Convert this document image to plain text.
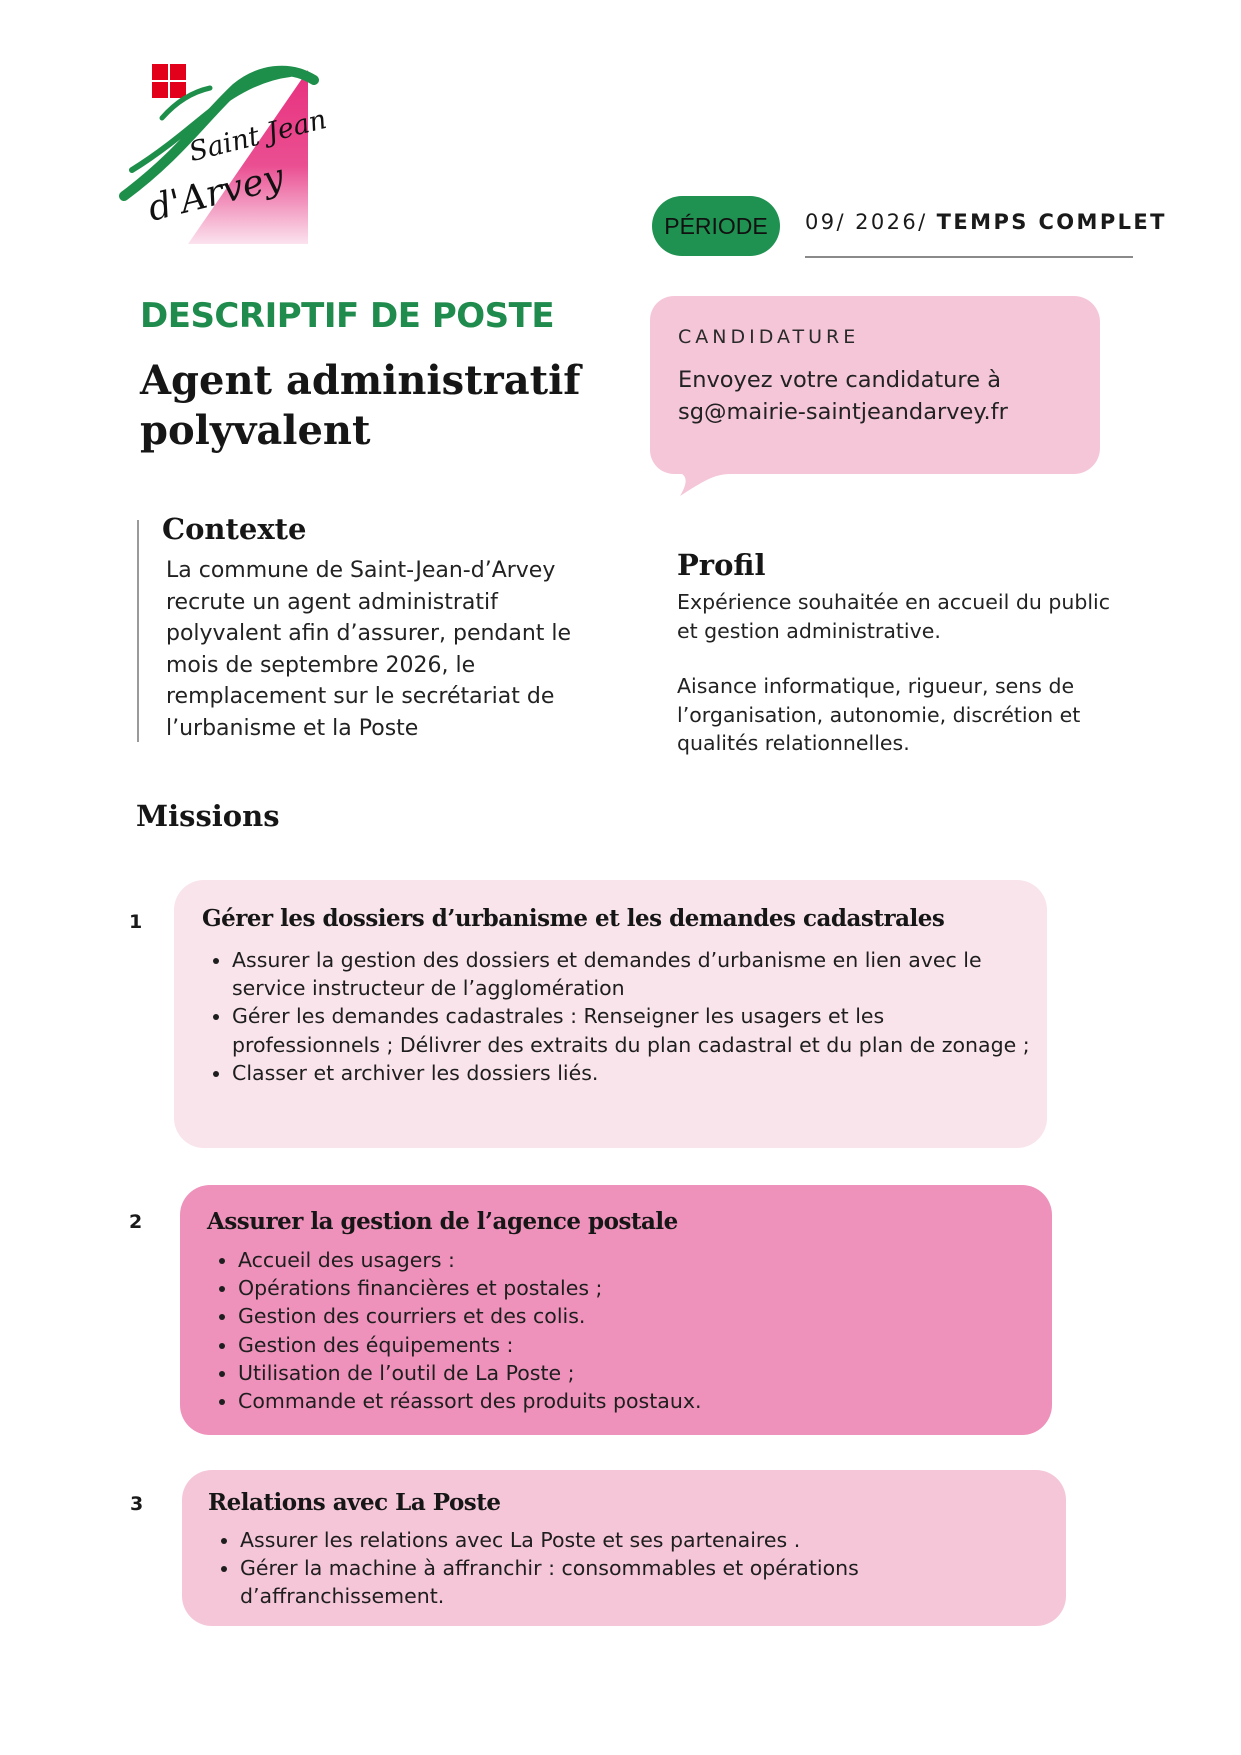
Saint Jean
d'Arvey	PÉRIODE	09/ 2026/ TEMPS COMPLET
DESCRIPTIF DE POSTE
Agent administratif polyvalent
CANDIDATURE
Envoyez votre candidature à sg@mairie-saintjeandarvey.fr
Contexte
La commune de Saint-Jean-d’Arvey recrute un agent administratif polyvalent afin d’assurer, pendant le mois de septembre 2026, le remplacement sur le secrétariat de l’urbanisme et la Poste
Profil
Expérience souhaitée en accueil du public et gestion administrative.
Aisance informatique, rigueur, sens de l’organisation, autonomie, discrétion et qualités relationnelles.
Missions
1	Gérer les dossiers d’urbanisme et les demandes cadastrales
• Assurer la gestion des dossiers et demandes d’urbanisme en lien avec le service instructeur de l’agglomération
• Gérer les demandes cadastrales : Renseigner les usagers et les professionnels ; Délivrer des extraits du plan cadastral et du plan de zonage ;
• Classer et archiver les dossiers liés.
2	Assurer la gestion de l’agence postale
• Accueil des usagers :
• Opérations financières et postales ;
• Gestion des courriers et des colis.
• Gestion des équipements :
• Utilisation de l’outil de La Poste ;
• Commande et réassort des produits postaux.
3	Relations avec La Poste
• Assurer les relations avec La Poste et ses partenaires .
• Gérer la machine à affranchir : consommables et opérations d’affranchissement.
